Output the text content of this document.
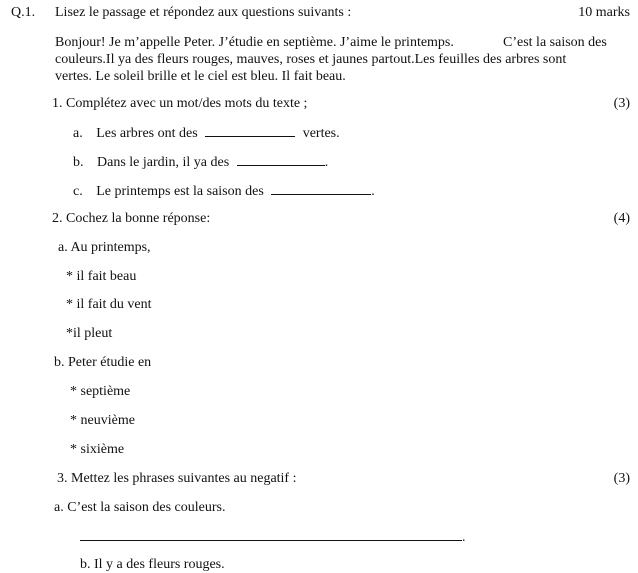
Q.1. Lisez le passage et répondez aux questions suivants :	10 marks
Bonjour! Je m’appelle Peter. J’étudie en septième. J’aime le printemps.	C’est la saison des
couleurs.Il ya des fleurs rouges, mauves, roses et jaunes partout.Les feuilles des arbres sont
vertes. Le soleil brille et le ciel est bleu. Il fait beau.
1. Complétez avec un mot/des mots du texte ;	(3)
a. Les arbres ont des	vertes.
b. Dans le jardin, il ya des	.
c. Le printemps est la saison des	.
2. Cochez la bonne réponse:	(4)
a. Au printemps,
* il fait beau
* il fait du vent
*il pleut
b. Peter étudie en
* septième
* neuvième
* sixième
3. Mettez les phrases suivantes au negatif :	(3)
a. C’est la saison des couleurs.
.
b. Il y a des fleurs rouges.
